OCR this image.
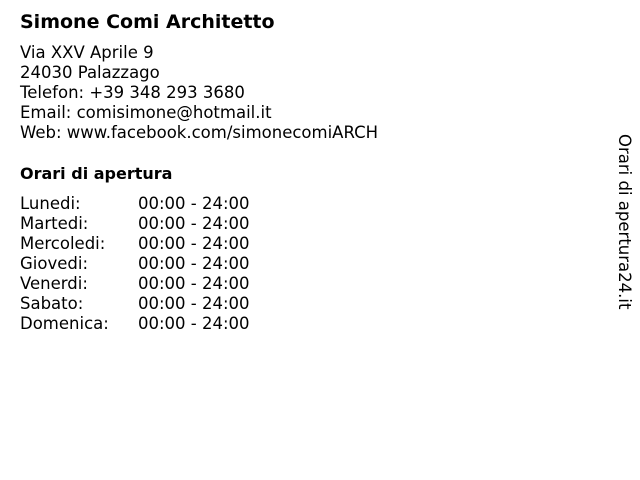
Simone Comi Architetto
Via XXV Aprile 9
24030 Palazzago
Telefon: +39 348 293 3680
Email: comisimone@hotmail.it
Web: www.facebook.com/simonecomiARCH
Orari di apertura
Lunedi:	00:00 - 24:00
Martedi:	00:00 - 24:00
Mercoledi:	00:00 - 24:00
Giovedi:	00:00 - 24:00
Venerdi:	00:00 - 24:00
Sabato:	00:00 - 24:00
Domenica:	00:00 - 24:00
Orari di apertura24.it
